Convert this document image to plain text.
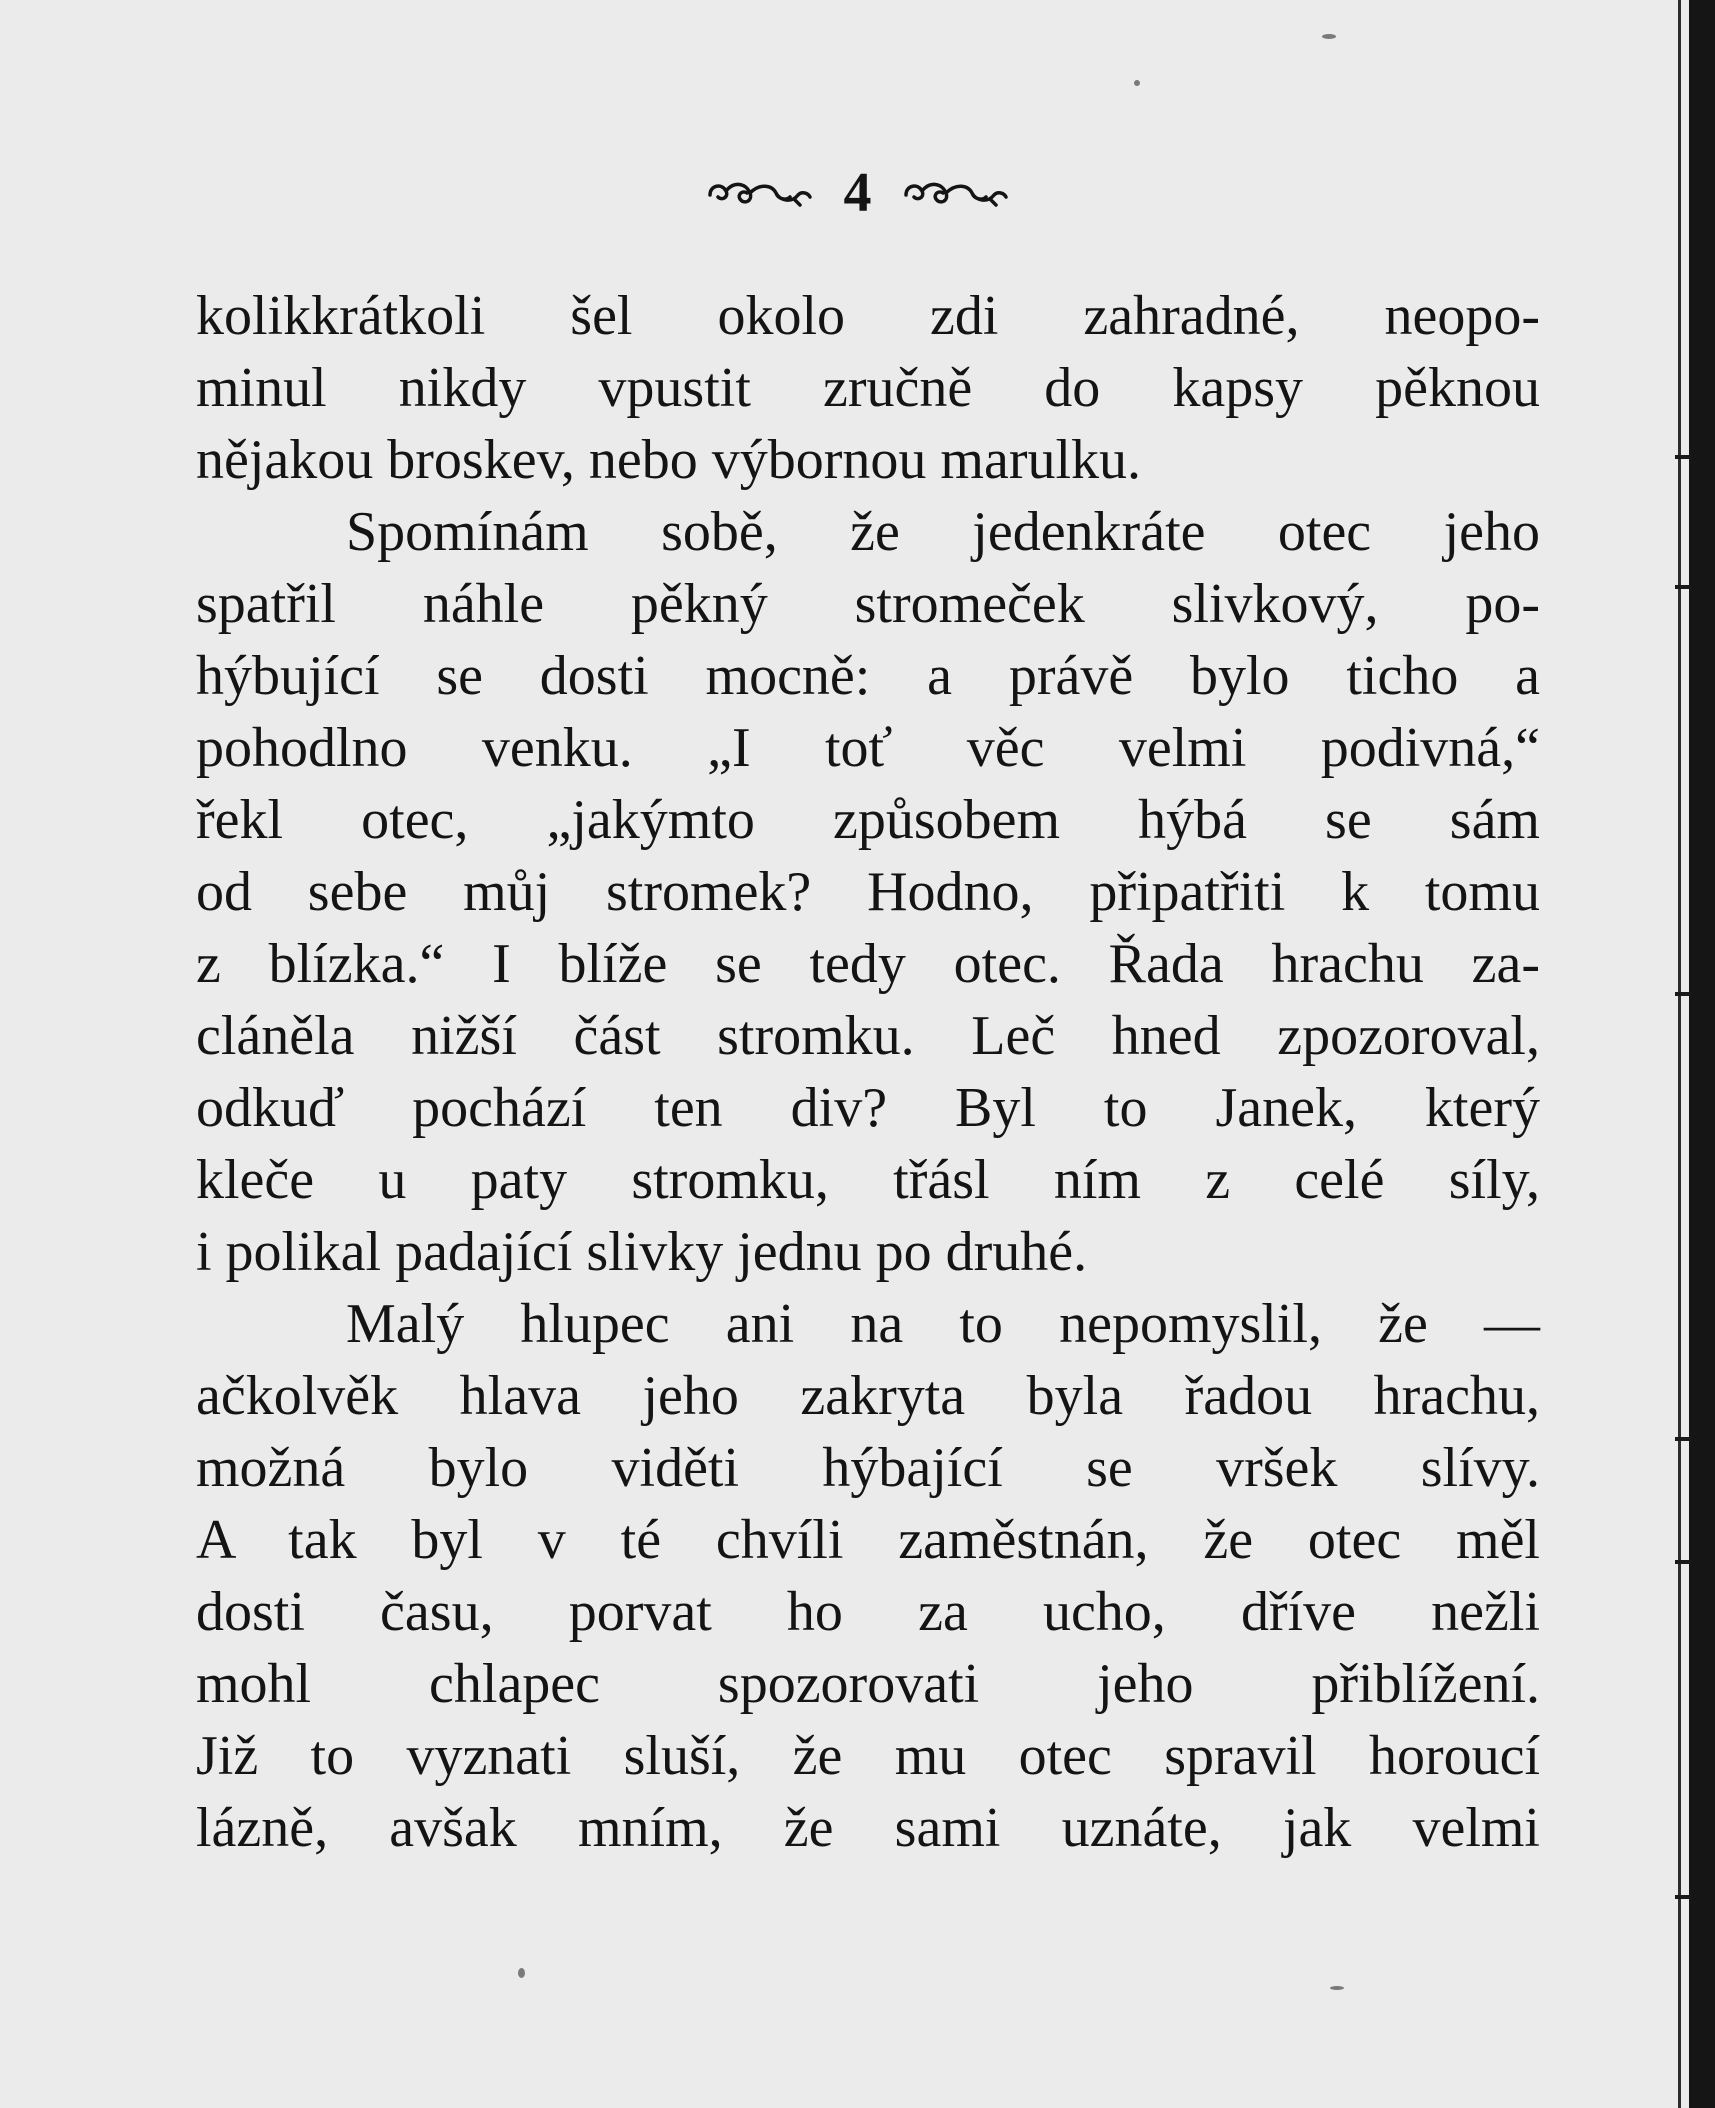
4
kolikkrátkoli šel okolo zdi zahradné, neopo-
minul nikdy vpustit zručně do kapsy pěknou
nějakou broskev, nebo výbornou marulku.
Spomínám sobě, že jedenkráte otec jeho
spatřil náhle pěkný stromeček slivkový, po-
hýbující se dosti mocně: a právě bylo ticho a
pohodlno venku. „I toť věc velmi podivná,“
řekl otec, „jakýmto způsobem hýbá se sám
od sebe můj stromek? Hodno, připatřiti k tomu
z blízka.“ I blíže se tedy otec. Řada hrachu za-
cláněla nižší část stromku. Leč hned zpozoroval,
odkuď pochází ten div? Byl to Janek, který
kleče u paty stromku, třásl ním z celé síly,
i polikal padající slivky jednu po druhé.
Malý hlupec ani na to nepomyslil, že —
ačkolvěk hlava jeho zakryta byla řadou hrachu,
možná bylo viděti hýbající se vršek slívy.
A tak byl v té chvíli zaměstnán, že otec měl
dosti času, porvat ho za ucho, dříve nežli
mohl chlapec spozorovati jeho přiblížení.
Již to vyznati sluší, že mu otec spravil horoucí
lázně, avšak mním, že sami uznáte, jak velmi
